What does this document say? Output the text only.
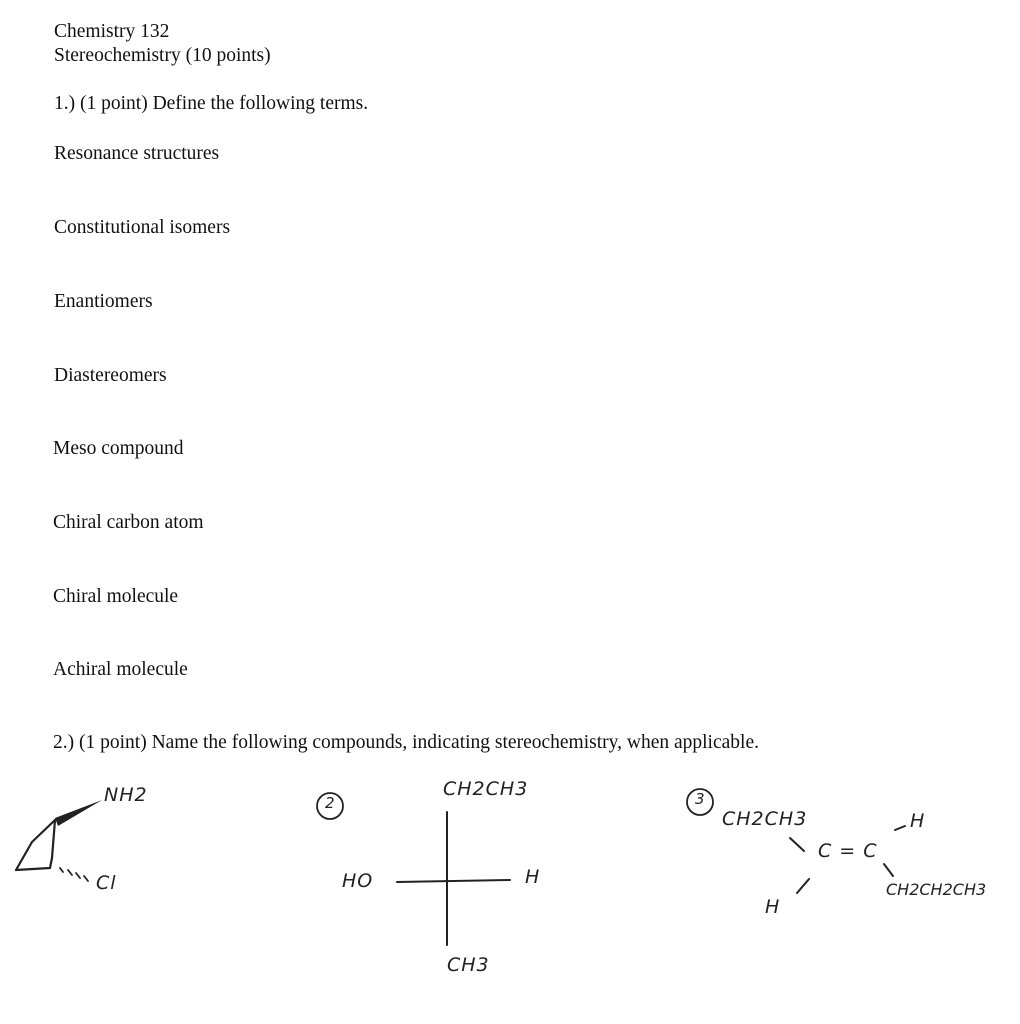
Chemistry 132
Stereochemistry (10 points)
1.) (1 point) Define the following terms.
Resonance structures
Constitutional isomers
Enantiomers
Diastereomers
Meso compound
Chiral carbon atom
Chiral molecule
Achiral molecule
2.) (1 point) Name the following compounds, indicating stereochemistry, when applicable.
NH2
Cl
2
CH2CH3
HO	H
CH3
3
CH2CH3	H
C = C
H
CH2CH2CH3
